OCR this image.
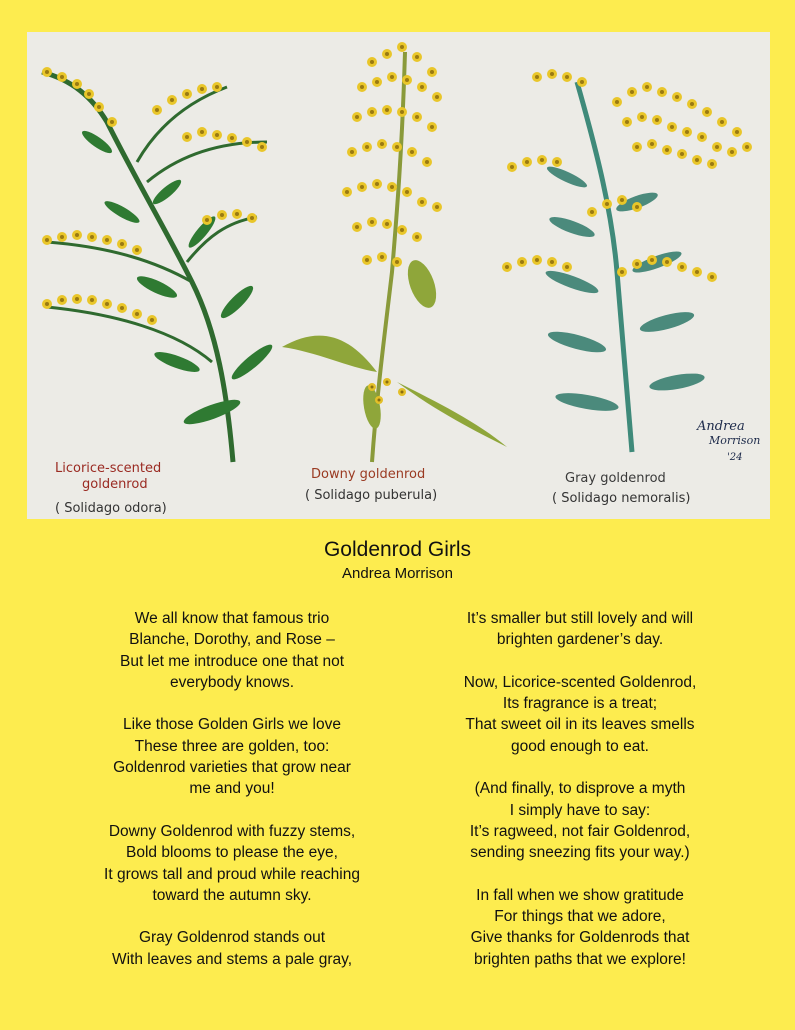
Licorice-scented
goldenrod
( Solidago odora)
Downy goldenrod
( Solidago puberula)
Gray goldenrod
( Solidago nemoralis)
Andrea
Morrison
'24
Goldenrod Girls
Andrea Morrison
We all know that famous trio
Blanche, Dorothy, and Rose –
But let me introduce one that not
everybody knows.
Like those Golden Girls we love
These three are golden, too:
Goldenrod varieties that grow near
me and you!
Downy Goldenrod with fuzzy stems,
Bold blooms to please the eye,
It grows tall and proud while reaching
toward the autumn sky.
Gray Goldenrod stands out
With leaves and stems a pale gray,
It’s smaller but still lovely and will
brighten gardener’s day.
Now, Licorice-scented Goldenrod,
Its fragrance is a treat;
That sweet oil in its leaves smells
good enough to eat.
(And finally, to disprove a myth
I simply have to say:
It’s ragweed, not fair Goldenrod,
sending sneezing fits your way.)
In fall when we show gratitude
For things that we adore,
Give thanks for Goldenrods that
brighten paths that we explore!
